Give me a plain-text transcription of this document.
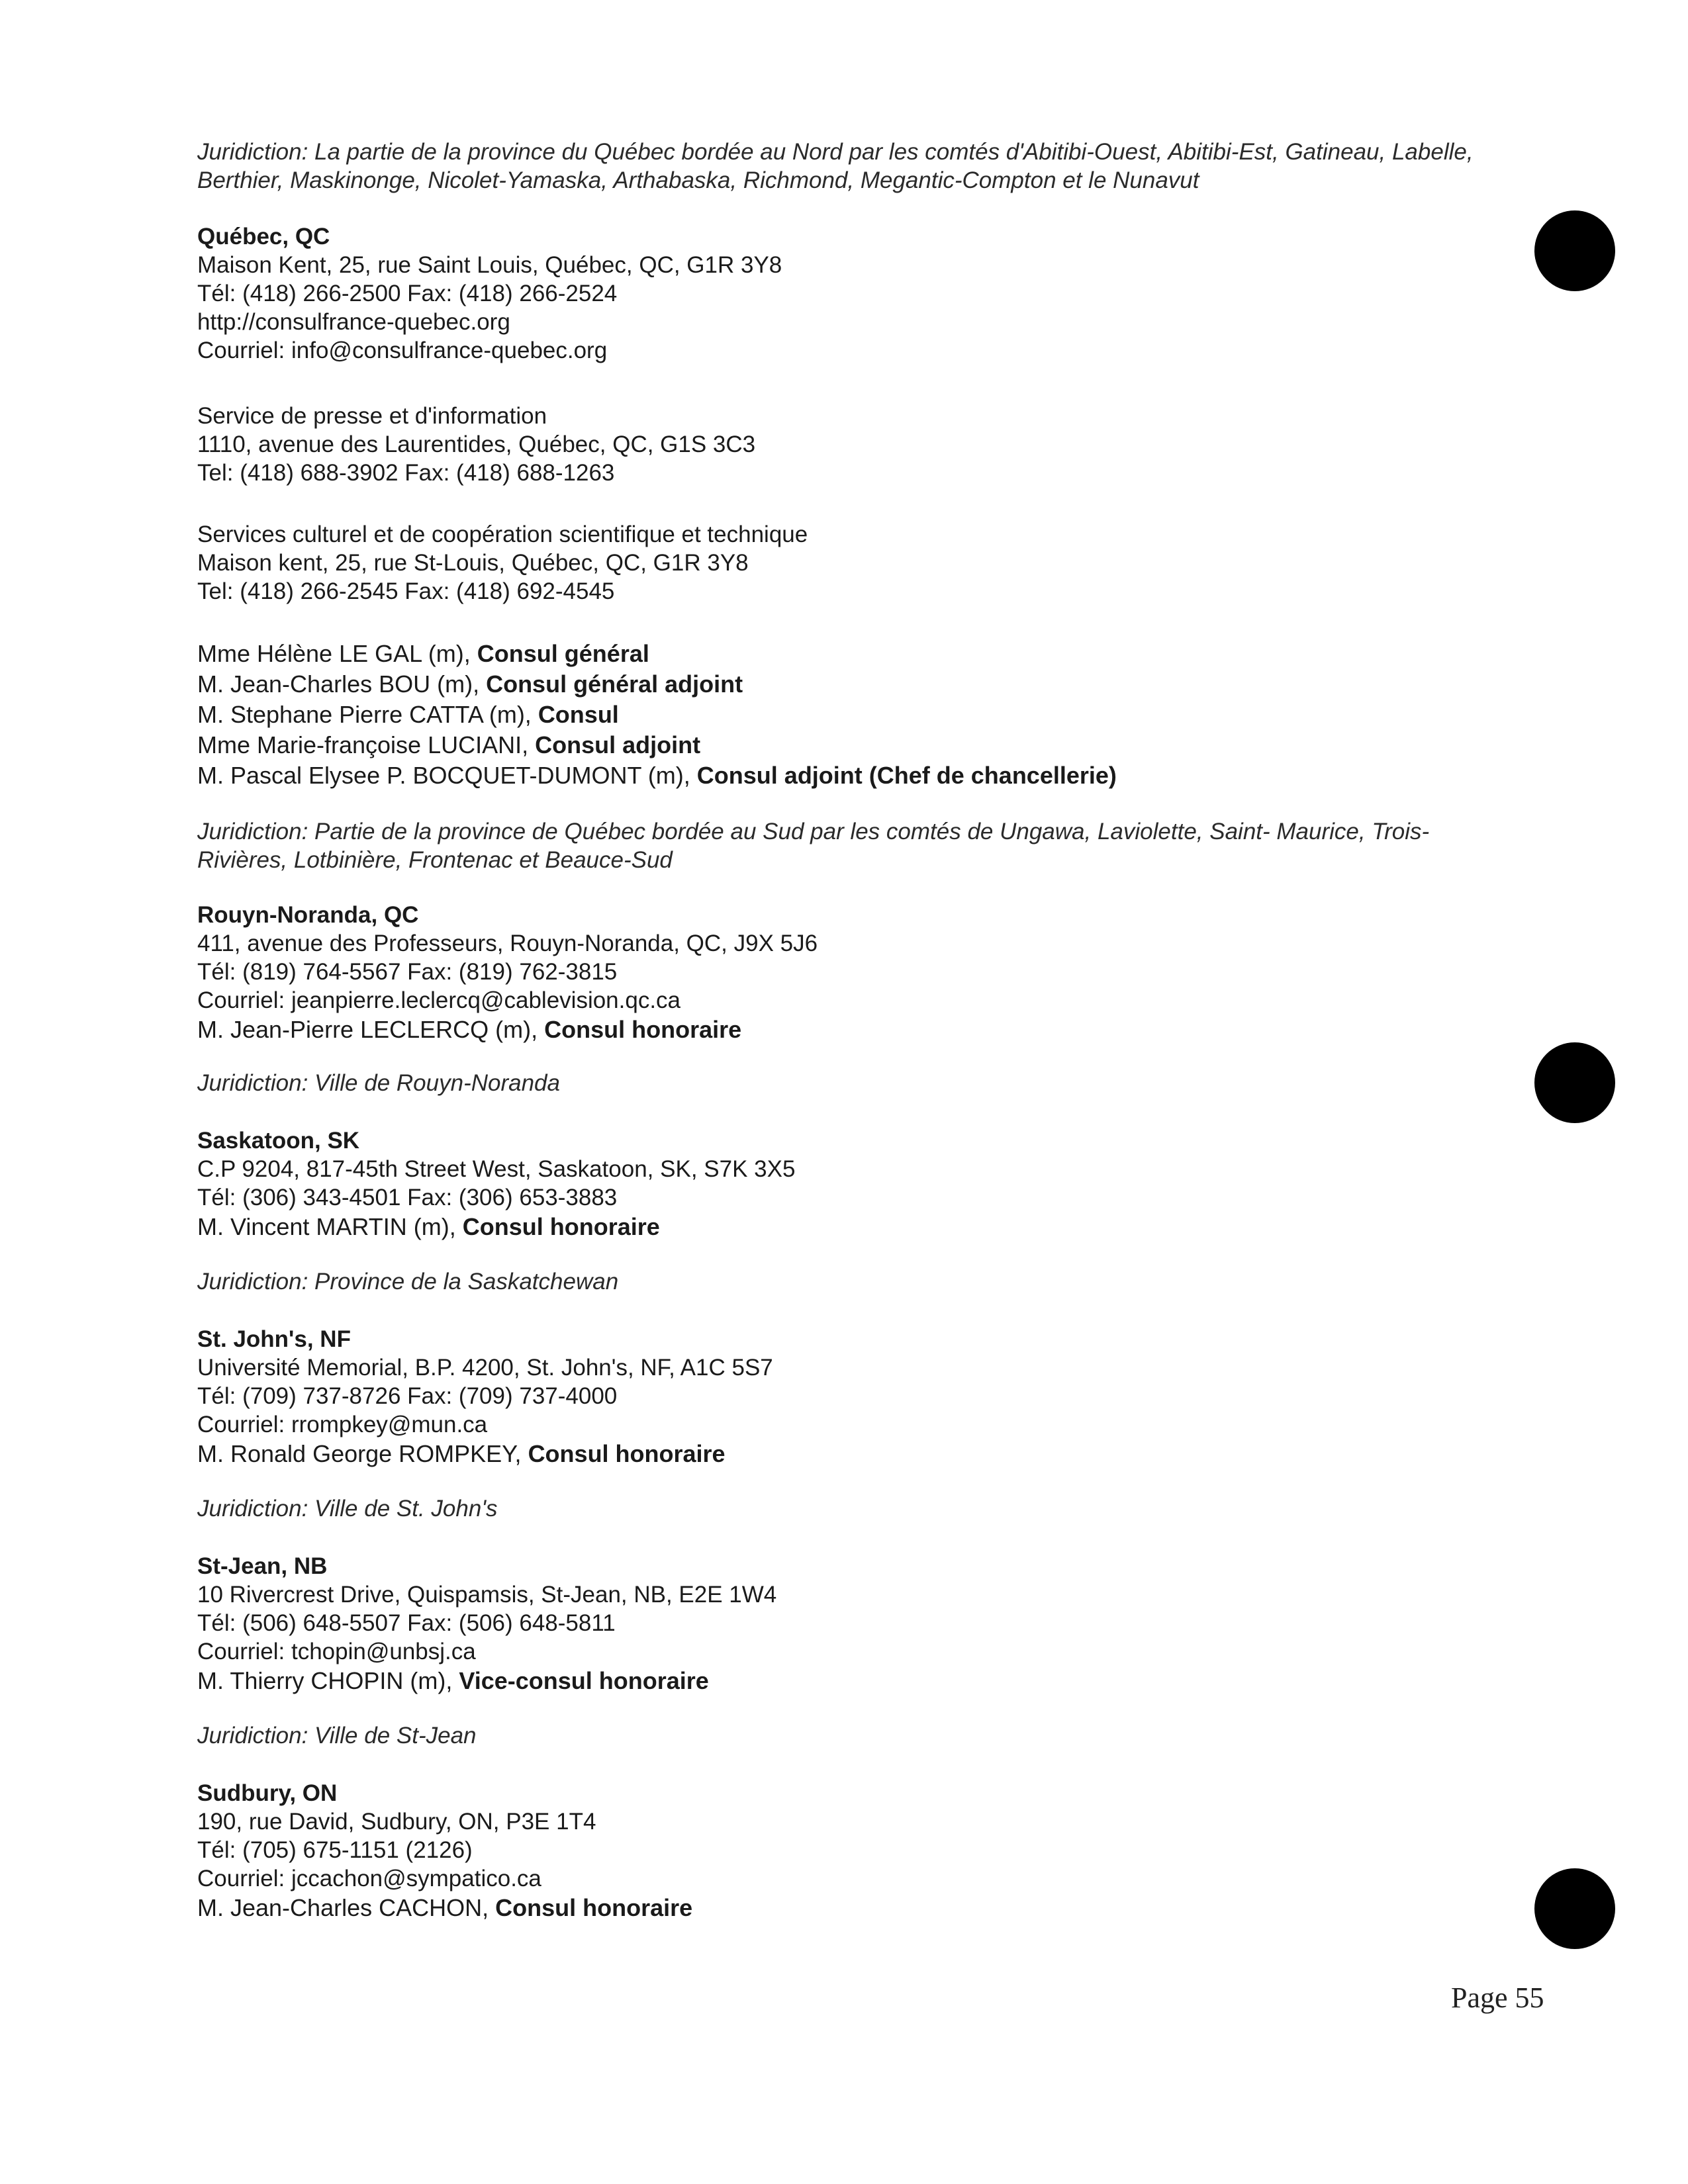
Juridiction: La partie de la province du Québec bordée au Nord par les comtés d'Abitibi-Ouest, Abitibi-Est, Gatineau, Labelle, Berthier, Maskinonge, Nicolet-Yamaska, Arthabaska, Richmond, Megantic-Compton et le Nunavut
Québec, QC
Maison Kent, 25, rue Saint Louis, Québec, QC, G1R 3Y8
Tél: (418) 266-2500 Fax: (418) 266-2524
http://consulfrance-quebec.org
Courriel: info@consulfrance-quebec.org
Service de presse et d'information
1110, avenue des Laurentides, Québec, QC, G1S 3C3
Tel: (418) 688-3902 Fax: (418) 688-1263
Services culturel et de coopération scientifique et technique
Maison kent, 25, rue St-Louis, Québec, QC, G1R 3Y8
Tel: (418) 266-2545 Fax: (418) 692-4545
Mme Hélène LE GAL (m), Consul général
M. Jean-Charles BOU (m), Consul général adjoint
M. Stephane Pierre CATTA (m), Consul
Mme Marie-françoise LUCIANI, Consul adjoint
M. Pascal Elysee P. BOCQUET-DUMONT (m), Consul adjoint (Chef de chancellerie)
Juridiction: Partie de la province de Québec bordée au Sud par les comtés de Ungawa, Laviolette, Saint- Maurice, Trois-Rivières, Lotbinière, Frontenac et Beauce-Sud
Rouyn-Noranda, QC
411, avenue des Professeurs, Rouyn-Noranda, QC, J9X 5J6
Tél: (819) 764-5567 Fax: (819) 762-3815
Courriel: jeanpierre.leclercq@cablevision.qc.ca
M. Jean-Pierre LECLERCQ (m), Consul honoraire
Juridiction: Ville de Rouyn-Noranda
Saskatoon, SK
C.P 9204, 817-45th Street West, Saskatoon, SK, S7K 3X5
Tél: (306) 343-4501 Fax: (306) 653-3883
M. Vincent MARTIN (m), Consul honoraire
Juridiction: Province de la Saskatchewan
St. John's, NF
Université Memorial, B.P. 4200, St. John's, NF, A1C 5S7
Tél: (709) 737-8726 Fax: (709) 737-4000
Courriel: rrompkey@mun.ca
M. Ronald George ROMPKEY, Consul honoraire
Juridiction: Ville de St. John's
St-Jean, NB
10 Rivercrest Drive, Quispamsis, St-Jean, NB, E2E 1W4
Tél: (506) 648-5507 Fax: (506) 648-5811
Courriel: tchopin@unbsj.ca
M. Thierry CHOPIN (m), Vice-consul honoraire
Juridiction: Ville de St-Jean
Sudbury, ON
190, rue David, Sudbury, ON, P3E 1T4
Tél: (705) 675-1151 (2126)
Courriel: jccachon@sympatico.ca
M. Jean-Charles CACHON, Consul honoraire
Page 55
